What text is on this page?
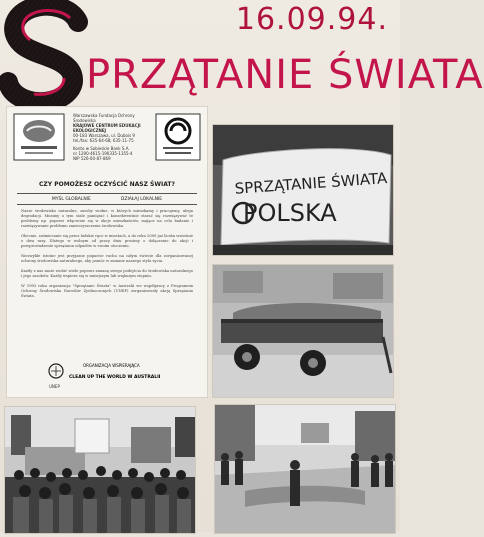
16.09.94.
PRZĄTANIE ŚWIATA
Warszawska Fundacja Ochrony Środowiska
KRAJOWE CENTRUM EDUKACJI
EKOLOGICZNEJ
00-183 Warszawa, ul. Dubois 9
tel./fax: 635-64-68; 635-11-75
Konto w Sobieskie Bank S.A.
nr 1290-4615-190335-1355-4
NIP 526-00-87-869
CZY POMOŻESZ OCZYŚCIĆ NASZ ŚWIAT?
MYŚL GLOBALNIE	DZIAŁAJ LOKALNIE

Nasze środowisko naturalne, zasoby wodne, w których mieszkamy i pracujemy, ulega degradacji. Musimy o tym stale pamiętać i konsekwentnie starać się rozwiązywać te problemy np. poprzez włączenie się w akcje mieszkańców, mające na celu badanie i rozwiązywanie problemu zanieczyszczenia środowiska.

Obecnie, zaśmiecanie się przez ludzkie ręce w miastach, a do roku 2000 już liczba wzrośnie o dwa razy. Dlatego w wolnym od pracy dniu prosimy o dołączenie do akcji i przeprowadzenie sprzątania odpadów w swoim otoczeniu.

Niezwykle istotne jest przyjazne poparcie ruchu na całym świecie dla zorganizowanej ochrony środowiska naturalnego, aby pomóc w zmianie naszego stylu życia.

Każdy z nas może zrobić wiele poprzez zmianę swego podejścia do środowiska naturalnego i jego zasobów. Każdy wspiera się w mniejszym lub większym stopniu.

W 1993 roku organizacja "Sprzątanie Świata" w Australii we współpracy z Programem Ochrony Środowiska Narodów Zjednoczonych (UNEP) zorganizowały akcję Sprzątania Świata.

ORGANIZACJA WSPIERAJĄCA
CLEAN UP THE WORLD W AUSTRALII
UNEP
SPRZĄTANIE ŚWIATA
POLSKA
